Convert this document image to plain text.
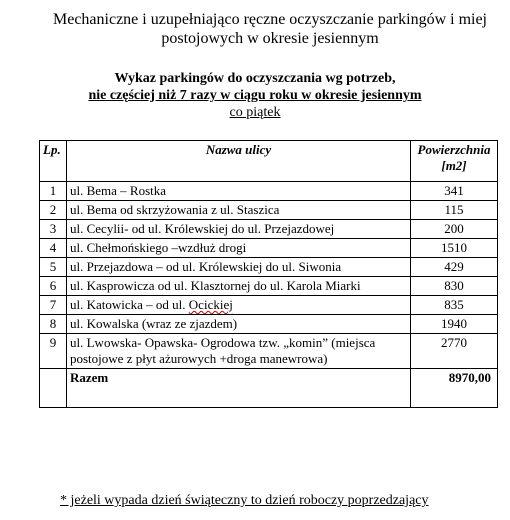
Mechaniczne i uzupełniająco ręczne oczyszczanie parkingów i miej
postojowych w okresie jesiennym
Wykaz parkingów do oczyszczania wg potrzeb,
nie częściej niż 7 razy w ciągu roku w okresie jesiennym
co piątek
Lp.	Nazwa ulicy	Powierzchnia
[m2]
1	ul. Bema – Rostka	341
2	ul. Bema od skrzyżowania z ul. Staszica	115
3	ul. Cecylii- od ul. Królewskiej do ul. Przejazdowej	200
4	ul. Chełmońskiego –wzdłuż drogi	1510
5	ul. Przejazdowa – od ul. Królewskiej do ul. Siwonia	429
6	ul. Kasprowicza od ul. Klasztornej do ul. Karola Miarki	830
7	ul. Katowicka – od ul. Ocickiej	835
8	ul. Kowalska (wraz ze zjazdem)	1940
9	ul. Lwowska- Opawska- Ogrodowa tzw. „komin” (miejsca postojowe z płyt ażurowych +droga manewrowa)	2770
	Razem	8970,00
* jeżeli wypada dzień świąteczny to dzień roboczy poprzedzający
